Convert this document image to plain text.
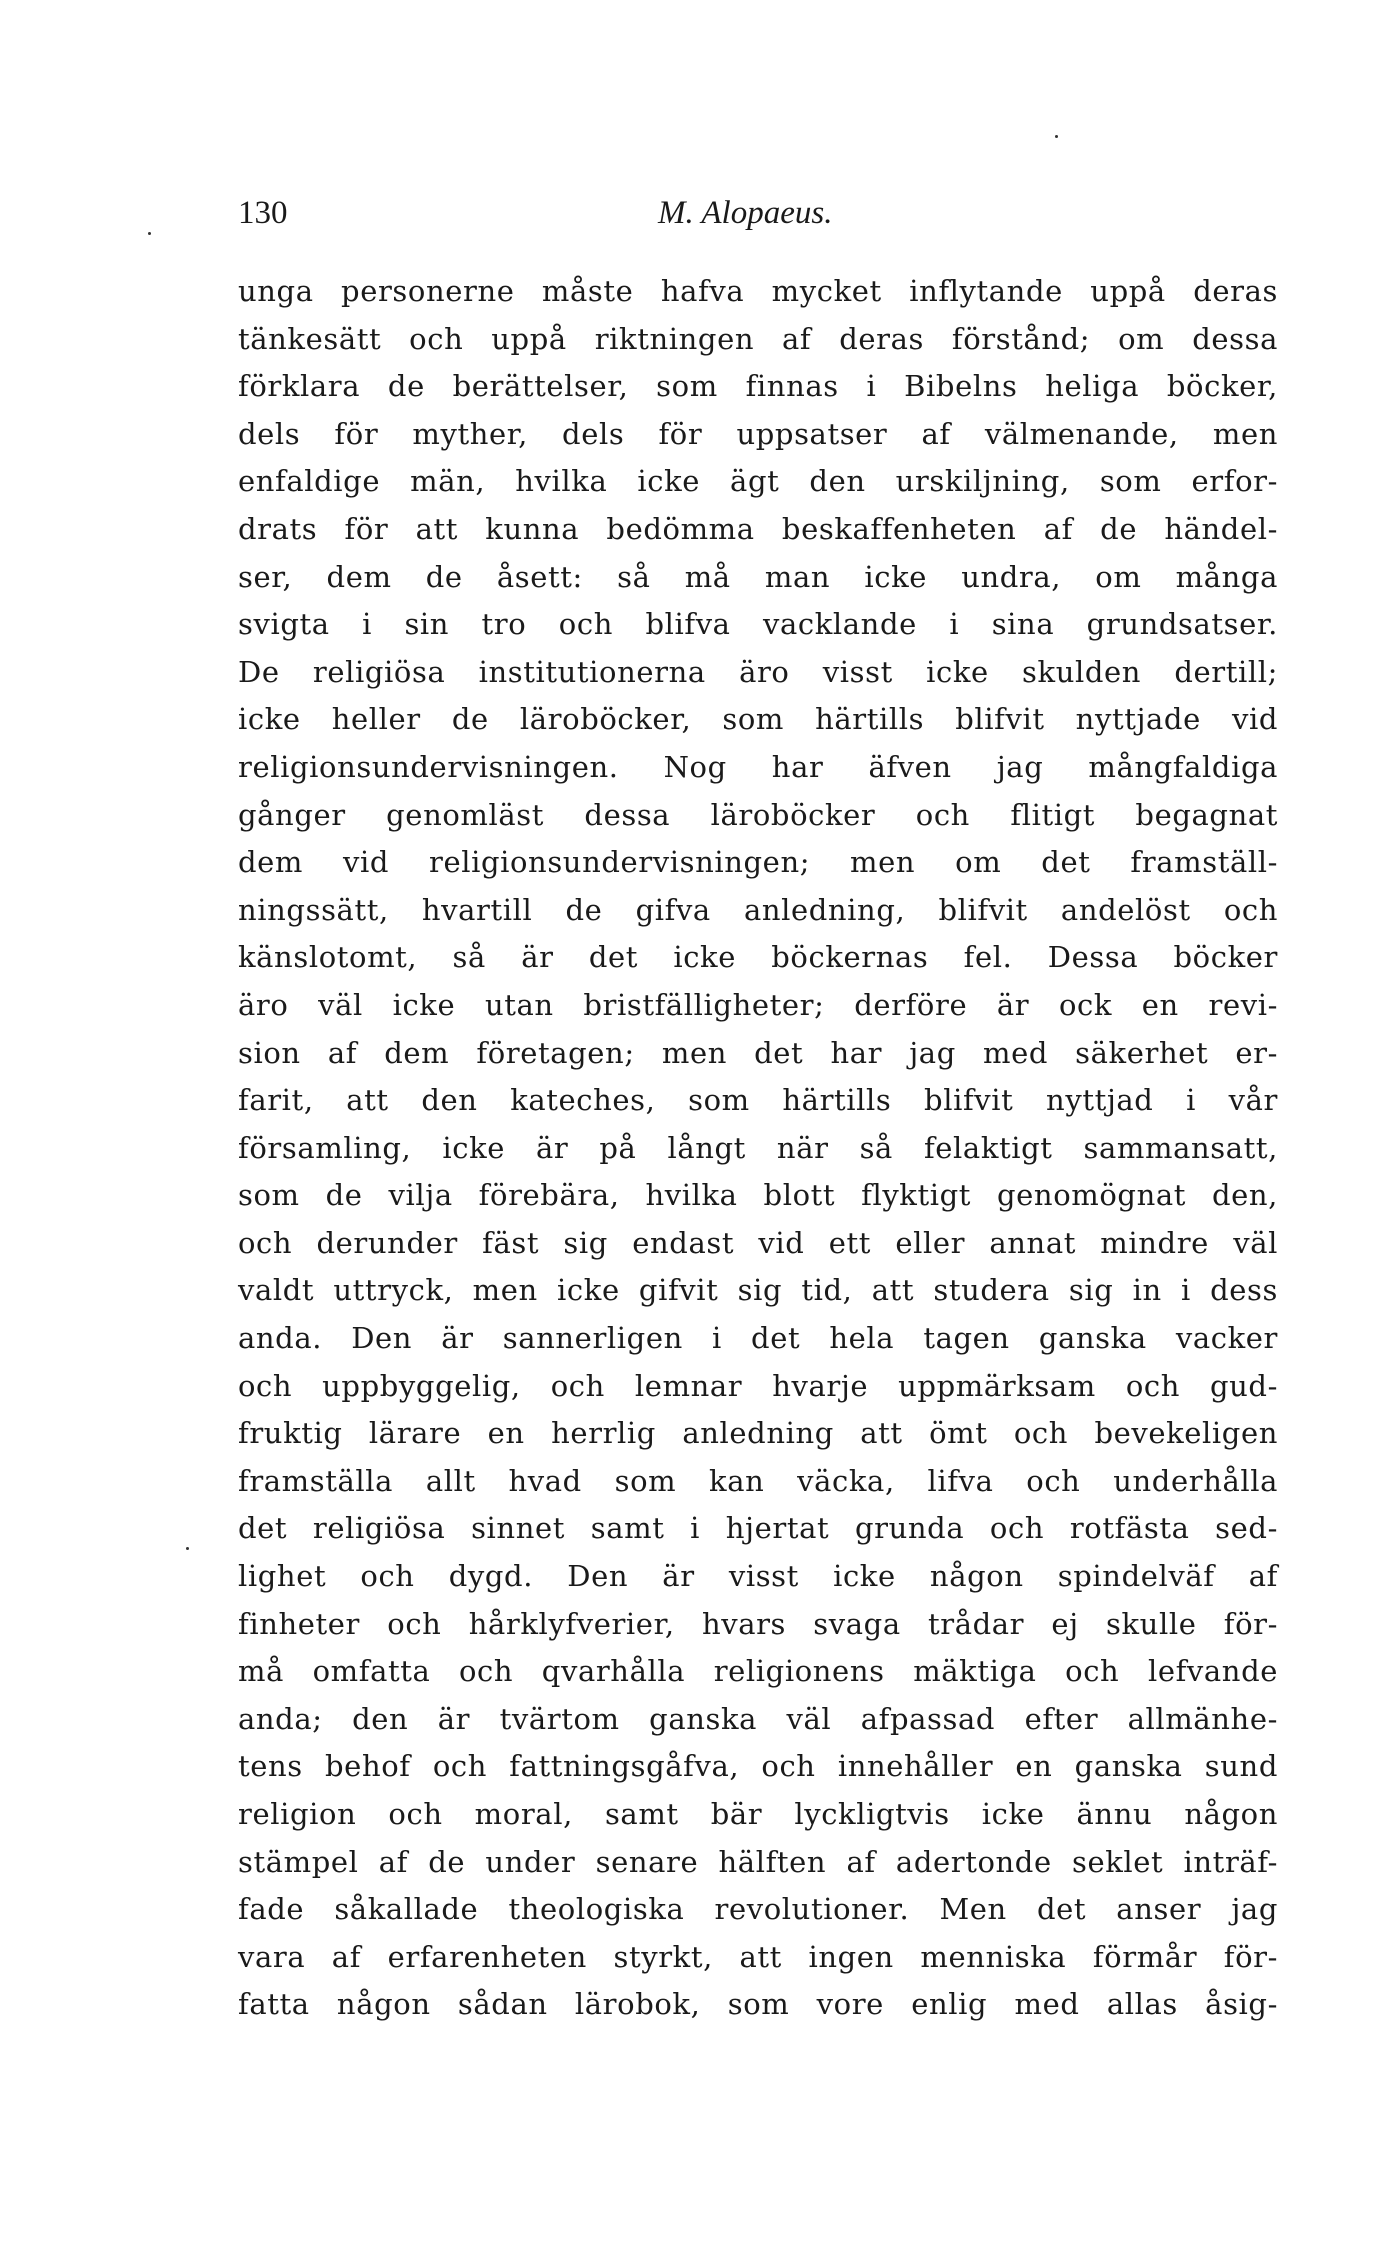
130	M. Alopaeus.
unga personerne måste hafva mycket inflytande uppå deras
tänkesätt och uppå riktningen af deras förstånd; om dessa
förklara de berättelser, som finnas i Bibelns heliga böcker,
dels för myther, dels för uppsatser af välmenande, men
enfaldige män, hvilka icke ägt den urskiljning, som erfor-
drats för att kunna bedömma beskaffenheten af de händel-
ser, dem de åsett: så må man icke undra, om många
svigta i sin tro och blifva vacklande i sina grundsatser.
De religiösa institutionerna äro visst icke skulden dertill;
icke heller de läroböcker, som härtills blifvit nyttjade vid
religionsundervisningen. Nog har äfven jag mångfaldiga
gånger genomläst dessa läroböcker och flitigt begagnat
dem vid religionsundervisningen; men om det framställ-
ningssätt, hvartill de gifva anledning, blifvit andelöst och
känslotomt, så är det icke böckernas fel. Dessa böcker
äro väl icke utan bristfälligheter; derföre är ock en revi-
sion af dem företagen; men det har jag med säkerhet er-
farit, att den kateches, som härtills blifvit nyttjad i vår
församling, icke är på långt när så felaktigt sammansatt,
som de vilja förebära, hvilka blott flyktigt genomögnat den,
och derunder fäst sig endast vid ett eller annat mindre väl
valdt uttryck, men icke gifvit sig tid, att studera sig in i dess
anda. Den är sannerligen i det hela tagen ganska vacker
och uppbyggelig, och lemnar hvarje uppmärksam och gud-
fruktig lärare en herrlig anledning att ömt och bevekeligen
framställa allt hvad som kan väcka, lifva och underhålla
det religiösa sinnet samt i hjertat grunda och rotfästa sed-
lighet och dygd. Den är visst icke någon spindelväf af
finheter och hårklyfverier, hvars svaga trådar ej skulle för-
må omfatta och qvarhålla religionens mäktiga och lefvande
anda; den är tvärtom ganska väl afpassad efter allmänhe-
tens behof och fattningsgåfva, och innehåller en ganska sund
religion och moral, samt bär lyckligtvis icke ännu någon
stämpel af de under senare hälften af adertonde seklet inträf-
fade såkallade theologiska revolutioner. Men det anser jag
vara af erfarenheten styrkt, att ingen menniska förmår för-
fatta någon sådan lärobok, som vore enlig med allas åsig-
